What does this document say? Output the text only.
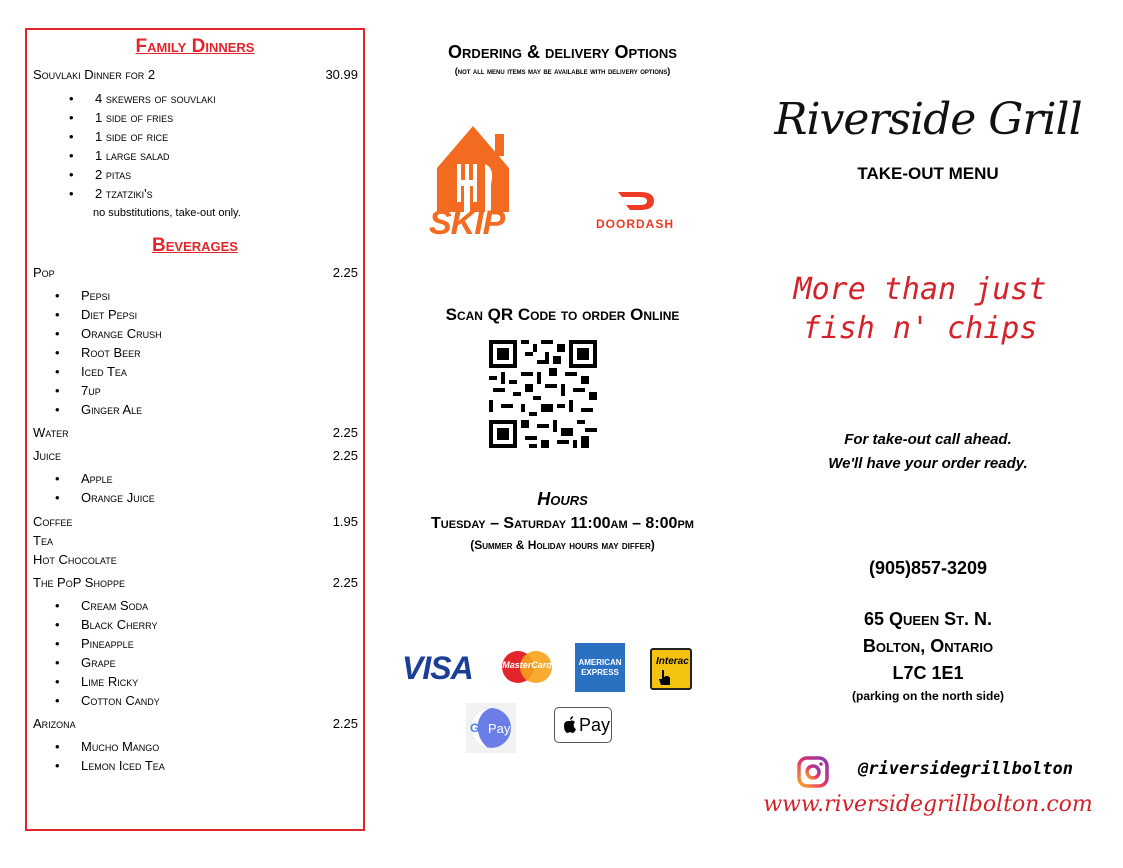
Family Dinners
Souvlaki Dinner for 2	30.99
• 4 skewers of souvlaki
• 1 side of fries
• 1 side of rice
• 1 large salad
• 2 pitas
• 2 tzatziki's
no substitutions, take-out only.
Beverages
Pop	2.25
• Pepsi
• Diet Pepsi
• Orange Crush
• Root Beer
• Iced Tea
• 7up
• Ginger Ale
Water	2.25
Juice	2.25
• Apple
• Orange Juice
Coffee	1.95
Tea
Hot Chocolate
The PoP Shoppe	2.25
• Cream Soda
• Black Cherry
• Pineapple
• Grape
• Lime Ricky
• Cotton Candy
Arizona	2.25
• Mucho Mango
• Lemon Iced Tea
Ordering & delivery Options
(not all menu items may be available with delivery options)
SKIP	DOORDASH
Scan QR Code to order Online
Hours
Tuesday – Saturday 11:00am – 8:00pm
(Summer & Holiday hours may differ)
VISA	MasterCard	AMERICAN
EXPRESS
Interac
G Pay	Pay
Riverside Grill
TAKE-OUT MENU
More than just
fish n' chips
For take-out call ahead.
We'll have your order ready.
(905)857-3209
65 Queen St. N.
Bolton, Ontario
L7C 1E1
(parking on the north side)
@riversidegrillbolton
www.riversidegrillbolton.com
